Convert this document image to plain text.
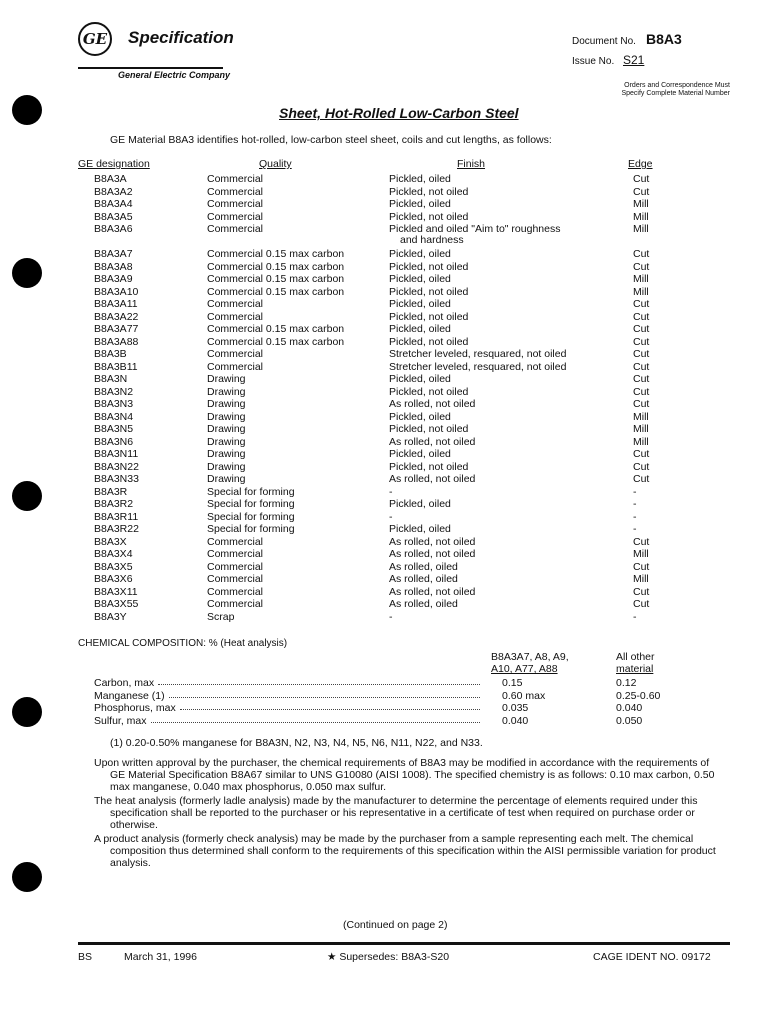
GE Specification
General Electric Company
Document No. B8A3
Issue No. S21
Orders and Correspondence Must
Specify Complete Material Number
Sheet, Hot-Rolled Low-Carbon Steel
GE Material B8A3 identifies hot-rolled, low-carbon steel sheet, coils and cut lengths, as follows:
GE designation	Quality	Finish	Edge
B8A3A	Commercial	Pickled, oiled	Cut
B8A3A2	Commercial	Pickled, not oiled	Cut
B8A3A4	Commercial	Pickled, oiled	Mill
B8A3A5	Commercial	Pickled, not oiled	Mill
B8A3A6	Commercial	Pickled and oiled "Aim to" roughness	Mill
and hardness
B8A3A7	Commercial 0.15 max carbon	Pickled, oiled	Cut
B8A3A8	Commercial 0.15 max carbon	Pickled, not oiled	Cut
B8A3A9	Commercial 0.15 max carbon	Pickled, oiled	Mill
B8A3A10	Commercial 0.15 max carbon	Pickled, not oiled	Mill
B8A3A11	Commercial	Pickled, oiled	Cut
B8A3A22	Commercial	Pickled, not oiled	Cut
B8A3A77	Commercial 0.15 max carbon	Pickled, oiled	Cut
B8A3A88	Commercial 0.15 max carbon	Pickled, not oiled	Cut
B8A3B	Commercial	Stretcher leveled, resquared, not oiled	Cut
B8A3B11	Commercial	Stretcher leveled, resquared, not oiled	Cut
B8A3N	Drawing	Pickled, oiled	Cut
B8A3N2	Drawing	Pickled, not oiled	Cut
B8A3N3	Drawing	As rolled, not oiled	Cut
B8A3N4	Drawing	Pickled, oiled	Mill
B8A3N5	Drawing	Pickled, not oiled	Mill
B8A3N6	Drawing	As rolled, not oiled	Mill
B8A3N11	Drawing	Pickled, oiled	Cut
B8A3N22	Drawing	Pickled, not oiled	Cut
B8A3N33	Drawing	As rolled, not oiled	Cut
B8A3R	Special for forming	-	-
B8A3R2	Special for forming	Pickled, oiled	-
B8A3R11	Special for forming	-	-
B8A3R22	Special for forming	Pickled, oiled	-
B8A3X	Commercial	As rolled, not oiled	Cut
B8A3X4	Commercial	As rolled, not oiled	Mill
B8A3X5	Commercial	As rolled, oiled	Cut
B8A3X6	Commercial	As rolled, oiled	Mill
B8A3X11	Commercial	As rolled, not oiled	Cut
B8A3X55	Commercial	As rolled, oiled	Cut
B8A3Y	Scrap	-	-
CHEMICAL COMPOSITION: % (Heat analysis)
B8A3A7, A8, A9,
A10, A77, A88
All other
material
Carbon, max	0.15	0.12
Manganese (1)	0.60 max	0.25-0.60
Phosphorus, max	0.035	0.040
Sulfur, max	0.040	0.050
(1) 0.20-0.50% manganese for B8A3N, N2, N3, N4, N5, N6, N11, N22, and N33.
Upon written approval by the purchaser, the chemical requirements of B8A3 may be modified in accordance with the requirements of GE Material Specification B8A67 similar to UNS G10080 (AISI 1008). The specified chemistry is as follows: 0.10 max carbon, 0.50 max manganese, 0.040 max phosphorus, 0.050 max sulfur.
The heat analysis (formerly ladle analysis) made by the manufacturer to determine the percentage of elements required under this specification shall be reported to the purchaser or his representative in a certificate of test when required on purchase order or otherwise.
A product analysis (formerly check analysis) may be made by the purchaser from a sample representing each melt. The chemical composition thus determined shall conform to the requirements of this specification within the AISI permissible variation for product analysis.
(Continued on page 2)
BS	March 31, 1996	★ Supersedes: B8A3-S20	CAGE IDENT NO. 09172
